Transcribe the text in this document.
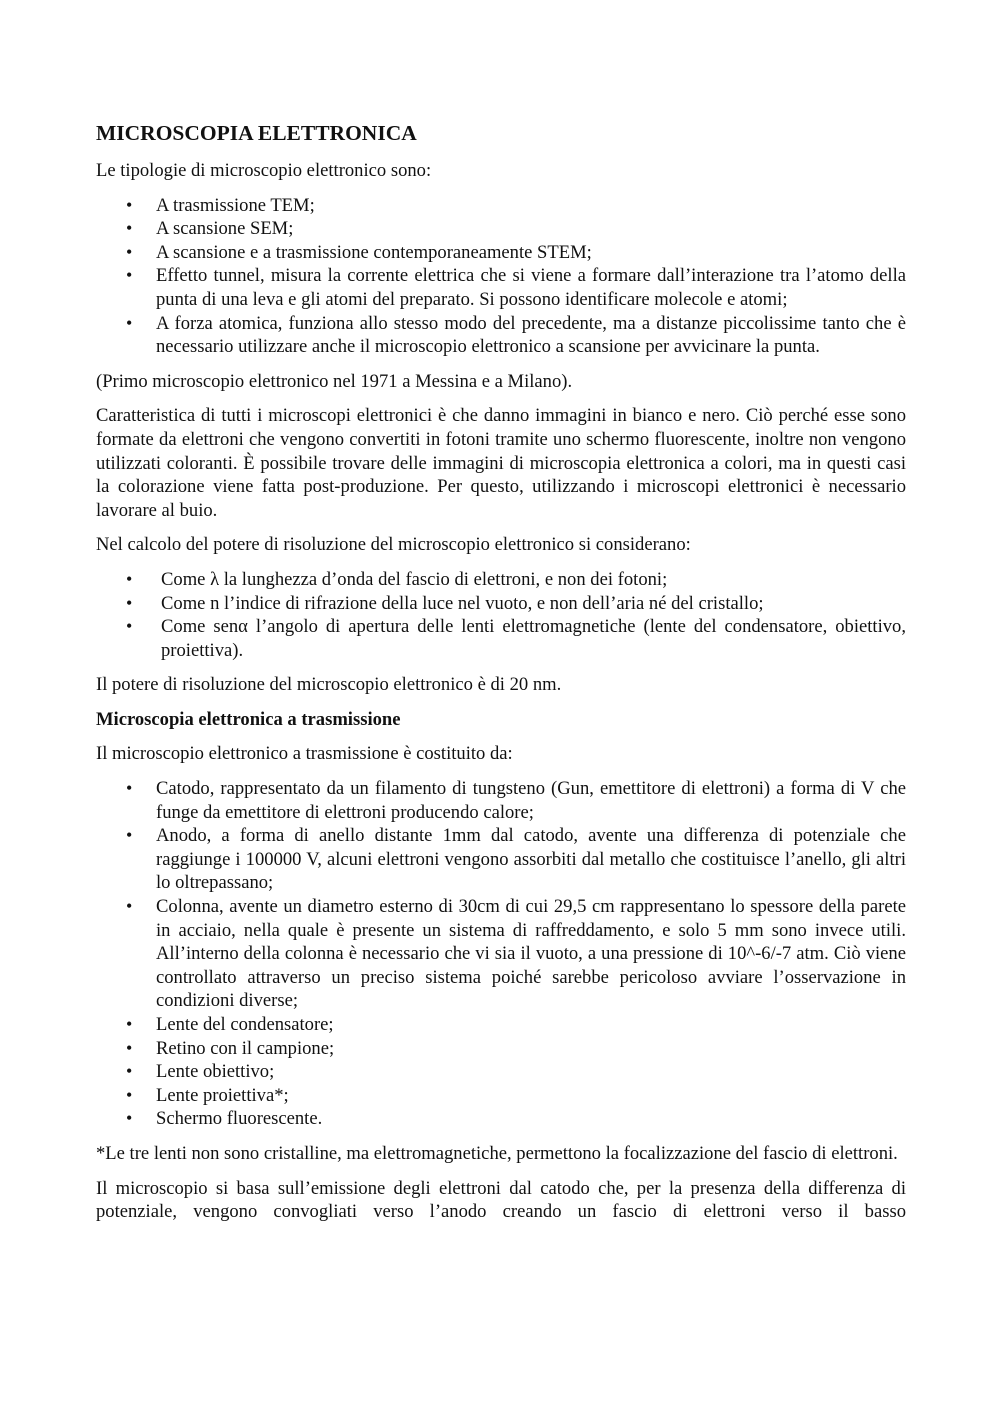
MICROSCOPIA ELETTRONICA

Le tipologie di microscopio elettronico sono:

• A trasmissione TEM;
• A scansione SEM;
• A scansione e a trasmissione contemporaneamente STEM;
• Effetto tunnel, misura la corrente elettrica che si viene a formare dall’interazione tra l’atomo della punta di una leva e gli atomi del preparato. Si possono identificare molecole e atomi;
• A forza atomica, funziona allo stesso modo del precedente, ma a distanze piccolissime tanto che è necessario utilizzare anche il microscopio elettronico a scansione per avvicinare la punta.

(Primo microscopio elettronico nel 1971 a Messina e a Milano).

Caratteristica di tutti i microscopi elettronici è che danno immagini in bianco e nero. Ciò perché esse sono formate da elettroni che vengono convertiti in fotoni tramite uno schermo fluorescente, inoltre non vengono utilizzati coloranti. È possibile trovare delle immagini di microscopia elettronica a colori, ma in questi casi la colorazione viene fatta post-produzione. Per questo, utilizzando i microscopi elettronici è necessario lavorare al buio.

Nel calcolo del potere di risoluzione del microscopio elettronico si considerano:

• Come λ la lunghezza d’onda del fascio di elettroni, e non dei fotoni;
• Come n l’indice di rifrazione della luce nel vuoto, e non dell’aria né del cristallo;
• Come senα l’angolo di apertura delle lenti elettromagnetiche (lente del condensatore, obiettivo, proiettiva).

Il potere di risoluzione del microscopio elettronico è di 20 nm.

Microscopia elettronica a trasmissione

Il microscopio elettronico a trasmissione è costituito da:

• Catodo, rappresentato da un filamento di tungsteno (Gun, emettitore di elettroni) a forma di V che funge da emettitore di elettroni producendo calore;
• Anodo, a forma di anello distante 1mm dal catodo, avente una differenza di potenziale che raggiunge i 100000 V, alcuni elettroni vengono assorbiti dal metallo che costituisce l’anello, gli altri lo oltrepassano;
• Colonna, avente un diametro esterno di 30cm di cui 29,5 cm rappresentano lo spessore della parete in acciaio, nella quale è presente un sistema di raffreddamento, e solo 5 mm sono invece utili. All’interno della colonna è necessario che vi sia il vuoto, a una pressione di 10^-6/-7 atm. Ciò viene controllato attraverso un preciso sistema poiché sarebbe pericoloso avviare l’osservazione in condizioni diverse;
• Lente del condensatore;
• Retino con il campione;
• Lente obiettivo;
• Lente proiettiva*;
• Schermo fluorescente.

*Le tre lenti non sono cristalline, ma elettromagnetiche, permettono la focalizzazione del fascio di elettroni.

Il microscopio si basa sull’emissione degli elettroni dal catodo che, per la presenza della differenza di potenziale, vengono convogliati verso l’anodo creando un fascio di elettroni verso il basso
